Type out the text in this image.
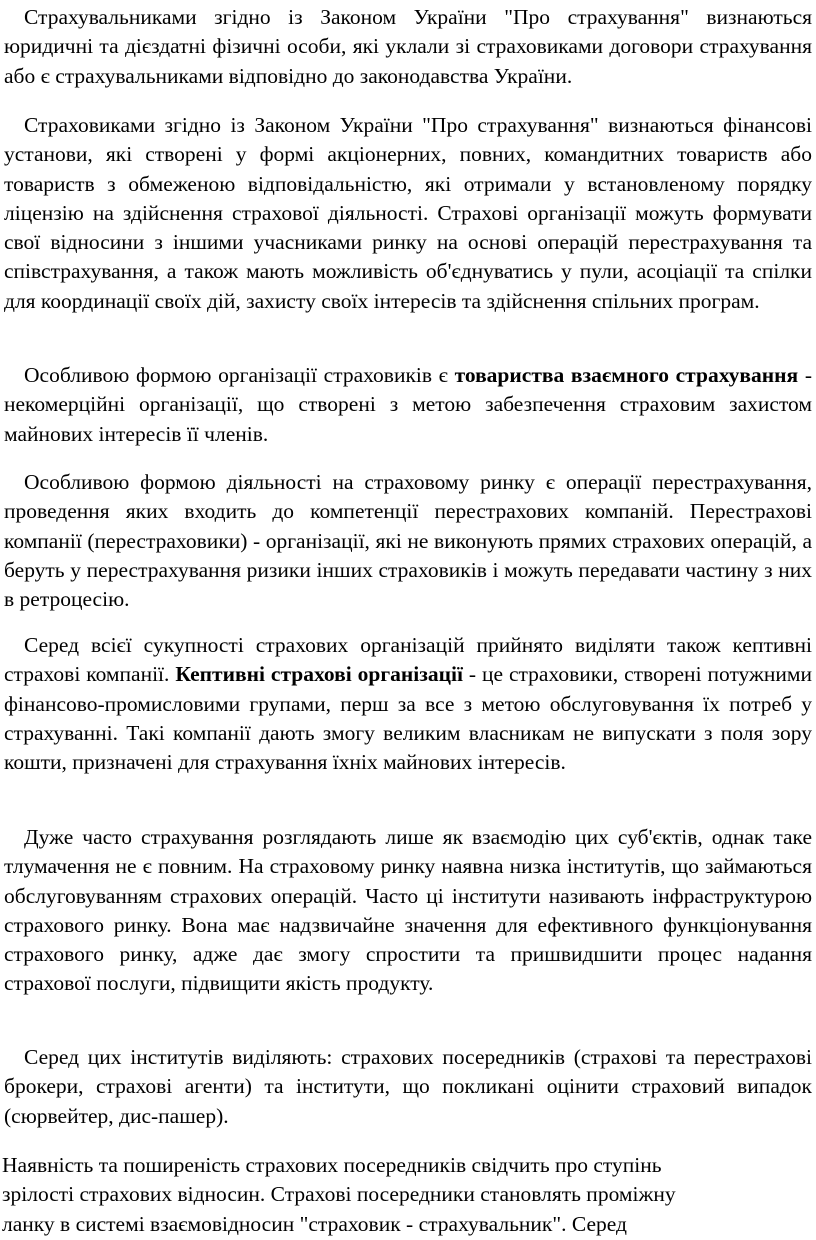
Страхувальниками згідно із Законом України "Про страхування" визнаються юридичні та дієздатні фізичні особи, які уклали зі страховиками договори страхування або є страхувальниками відповідно до законодавства України.

Страховиками згідно із Законом України "Про страхування" визнаються фінансові установи, які створені у формі акціонерних, повних, командитних товариств або товариств з обмеженою відповідальністю, які отримали у встановленому порядку ліцензію на здійснення страхової діяльності. Страхові організації можуть формувати свої відносини з іншими учасниками ринку на основі операцій перестрахування та співстрахування, а також мають можливість об'єднуватись у пули, асоціації та спілки для координації своїх дій, захисту своїх інтересів та здійснення спільних програм.

Особливою формою організації страховиків є товариства взаємного страхування - некомерційні організації, що створені з метою забезпечення страховим захистом майнових інтересів її членів.

Особливою формою діяльності на страховому ринку є операції перестрахування, проведення яких входить до компетенції перестрахових компаній. Перестрахові компанії (перестраховики) - організації, які не виконують прямих страхових операцій, а беруть у перестрахування ризики інших страховиків і можуть передавати частину з них в ретроцесію.

Серед всієї сукупності страхових організацій прийнято виділяти також кептивні страхові компанії. Кептивні страхові організації - це страховики, створені потужними фінансово-промисловими групами, перш за все з метою обслуговування їх потреб у страхуванні. Такі компанії дають змогу великим власникам не випускати з поля зору кошти, призначені для страхування їхніх майнових інтересів.

Дуже часто страхування розглядають лише як взаємодію цих суб'єктів, однак таке тлумачення не є повним. На страховому ринку наявна низка інститутів, що займаються обслуговуванням страхових операцій. Часто ці інститути називають інфраструктурою страхового ринку. Вона має надзвичайне значення для ефективного функціонування страхового ринку, адже дає змогу спростити та пришвидшити процес надання страхової послуги, підвищити якість продукту.

Серед цих інститутів виділяють: страхових посередників (страхові та перестрахові брокери, страхові агенти) та інститути, що покликані оцінити страховий випадок (сюрвейтер, дис-пашер).

Наявність та поширеність страхових посередників свідчить про ступінь
зрілості страхових відносин. Страхові посередники становлять проміжну
ланку в системі взаємовідносин "страховик - страхувальник". Серед
